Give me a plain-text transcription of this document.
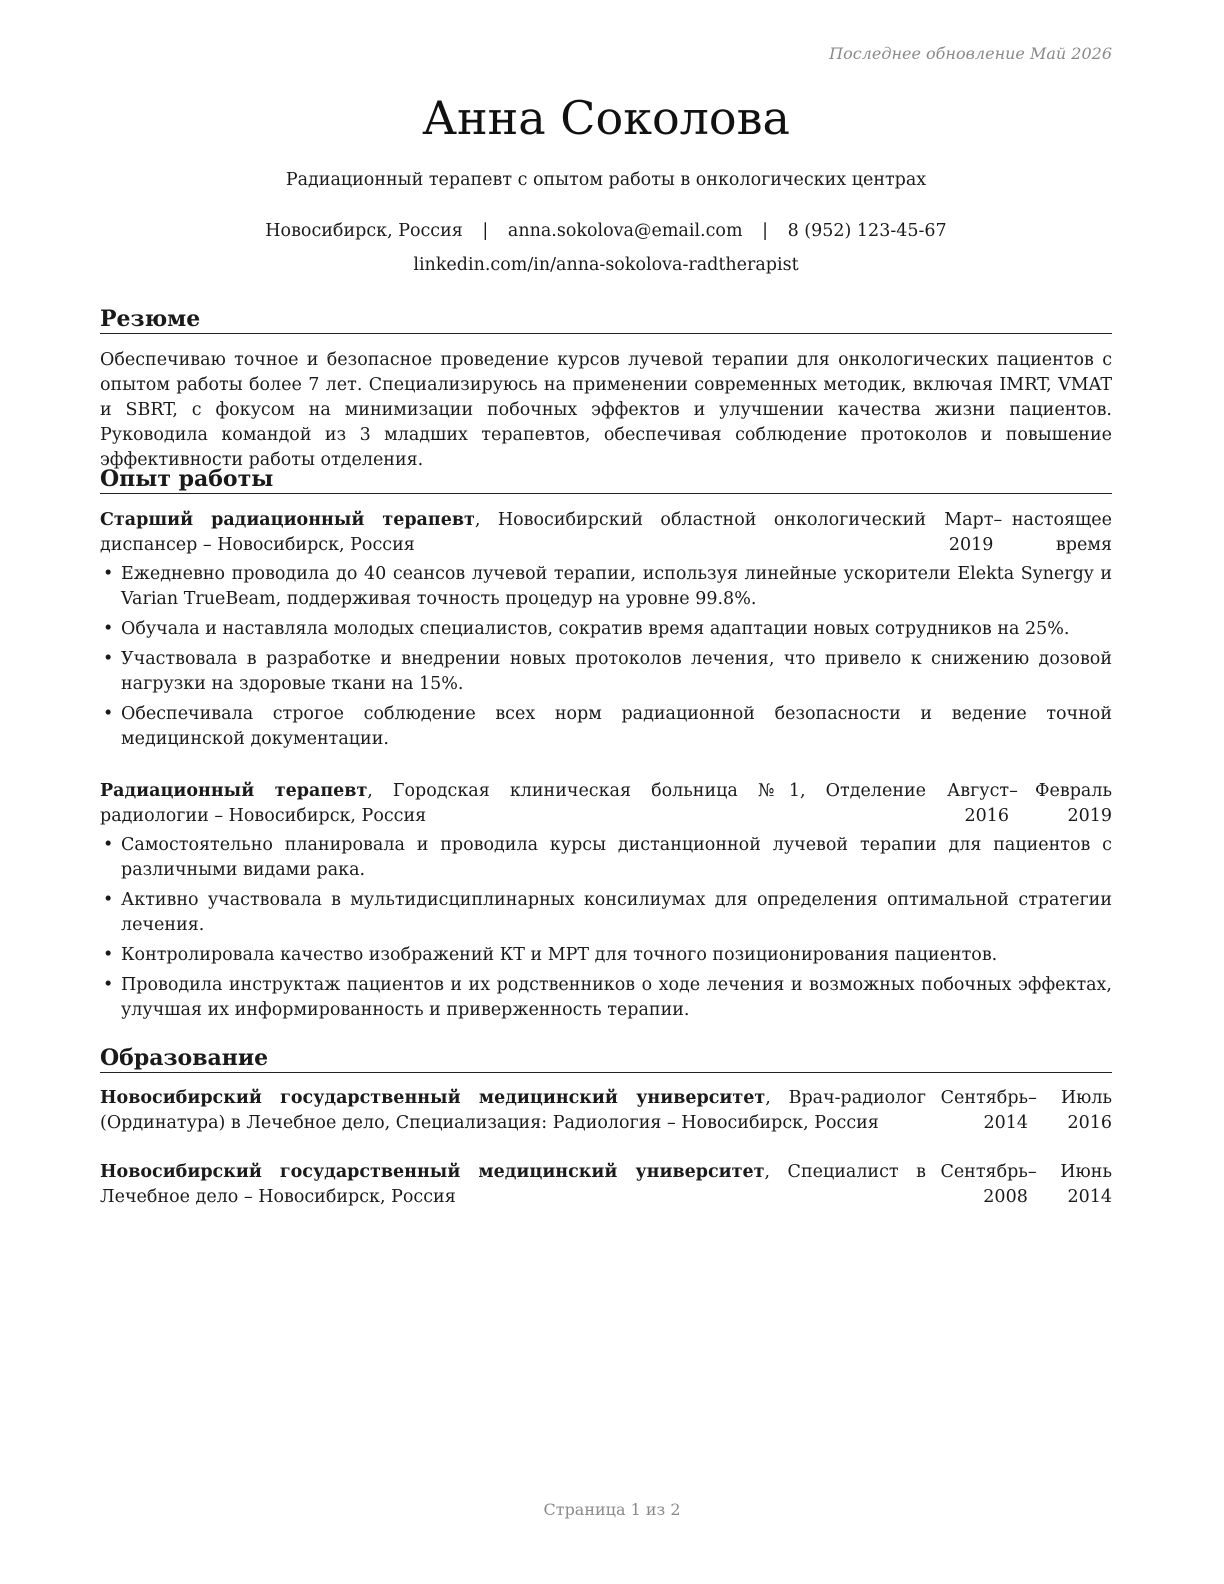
Последнее обновление Май 2026
Анна Соколова
Радиационный терапевт с опытом работы в онкологических центрах
Новосибирск, Россия | anna.sokolova@email.com | 8 (952) 123-45-67
linkedin.com/in/anna-sokolova-radtherapist
Резюме
Обеспечиваю точное и безопасное проведение курсов лучевой терапии для онкологических пациентов с опытом работы более 7 лет. Специализируюсь на применении современных методик, включая IMRT, VMAT и SBRT, с фокусом на минимизации побочных эффектов и улучшении качества жизни пациентов. Руководила командой из 3 младших терапевтов, обеспечивая соблюдение протоколов и повышение эффективности работы отделения.
Опыт работы
Старший радиационный терапевт, Новосибирский областной онкологический диспансер – Новосибирск, Россия
Март 2019
– настоящее время
• Ежедневно проводила до 40 сеансов лучевой терапии, используя линейные ускорители Elekta Synergy и Varian TrueBeam, поддерживая точность процедур на уровне 99.8%.
• Обучала и наставляла молодых специалистов, сократив время адаптации новых сотрудников на 25%.
• Участвовала в разработке и внедрении новых протоколов лечения, что привело к снижению дозовой нагрузки на здоровые ткани на 15%.
• Обеспечивала строгое соблюдение всех норм радиационной безопасности и ведение точной медицинской документации.
Радиационный терапевт, Городская клиническая больница №1, Отделение радиологии – Новосибирск, Россия
Август 2016
– Февраль 2019
• Самостоятельно планировала и проводила курсы дистанционной лучевой терапии для пациентов с различными видами рака.
• Активно участвовала в мультидисциплинарных консилиумах для определения оптимальной стратегии лечения.
• Контролировала качество изображений КТ и МРТ для точного позиционирования пациентов.
• Проводила инструктаж пациентов и их родственников о ходе лечения и возможных побочных эффектах, улучшая их информированность и приверженность терапии.
Образование
Новосибирский государственный медицинский университет, Врач-радиолог (Ординатура) в Лечебное дело, Специализация: Радиология – Новосибирск, Россия
Сентябрь 2014
–	Июль 2016
Новосибирский государственный медицинский университет, Специалист в Лечебное дело – Новосибирск, Россия
Сентябрь 2008
–	Июнь 2014
Страница 1 из 2
